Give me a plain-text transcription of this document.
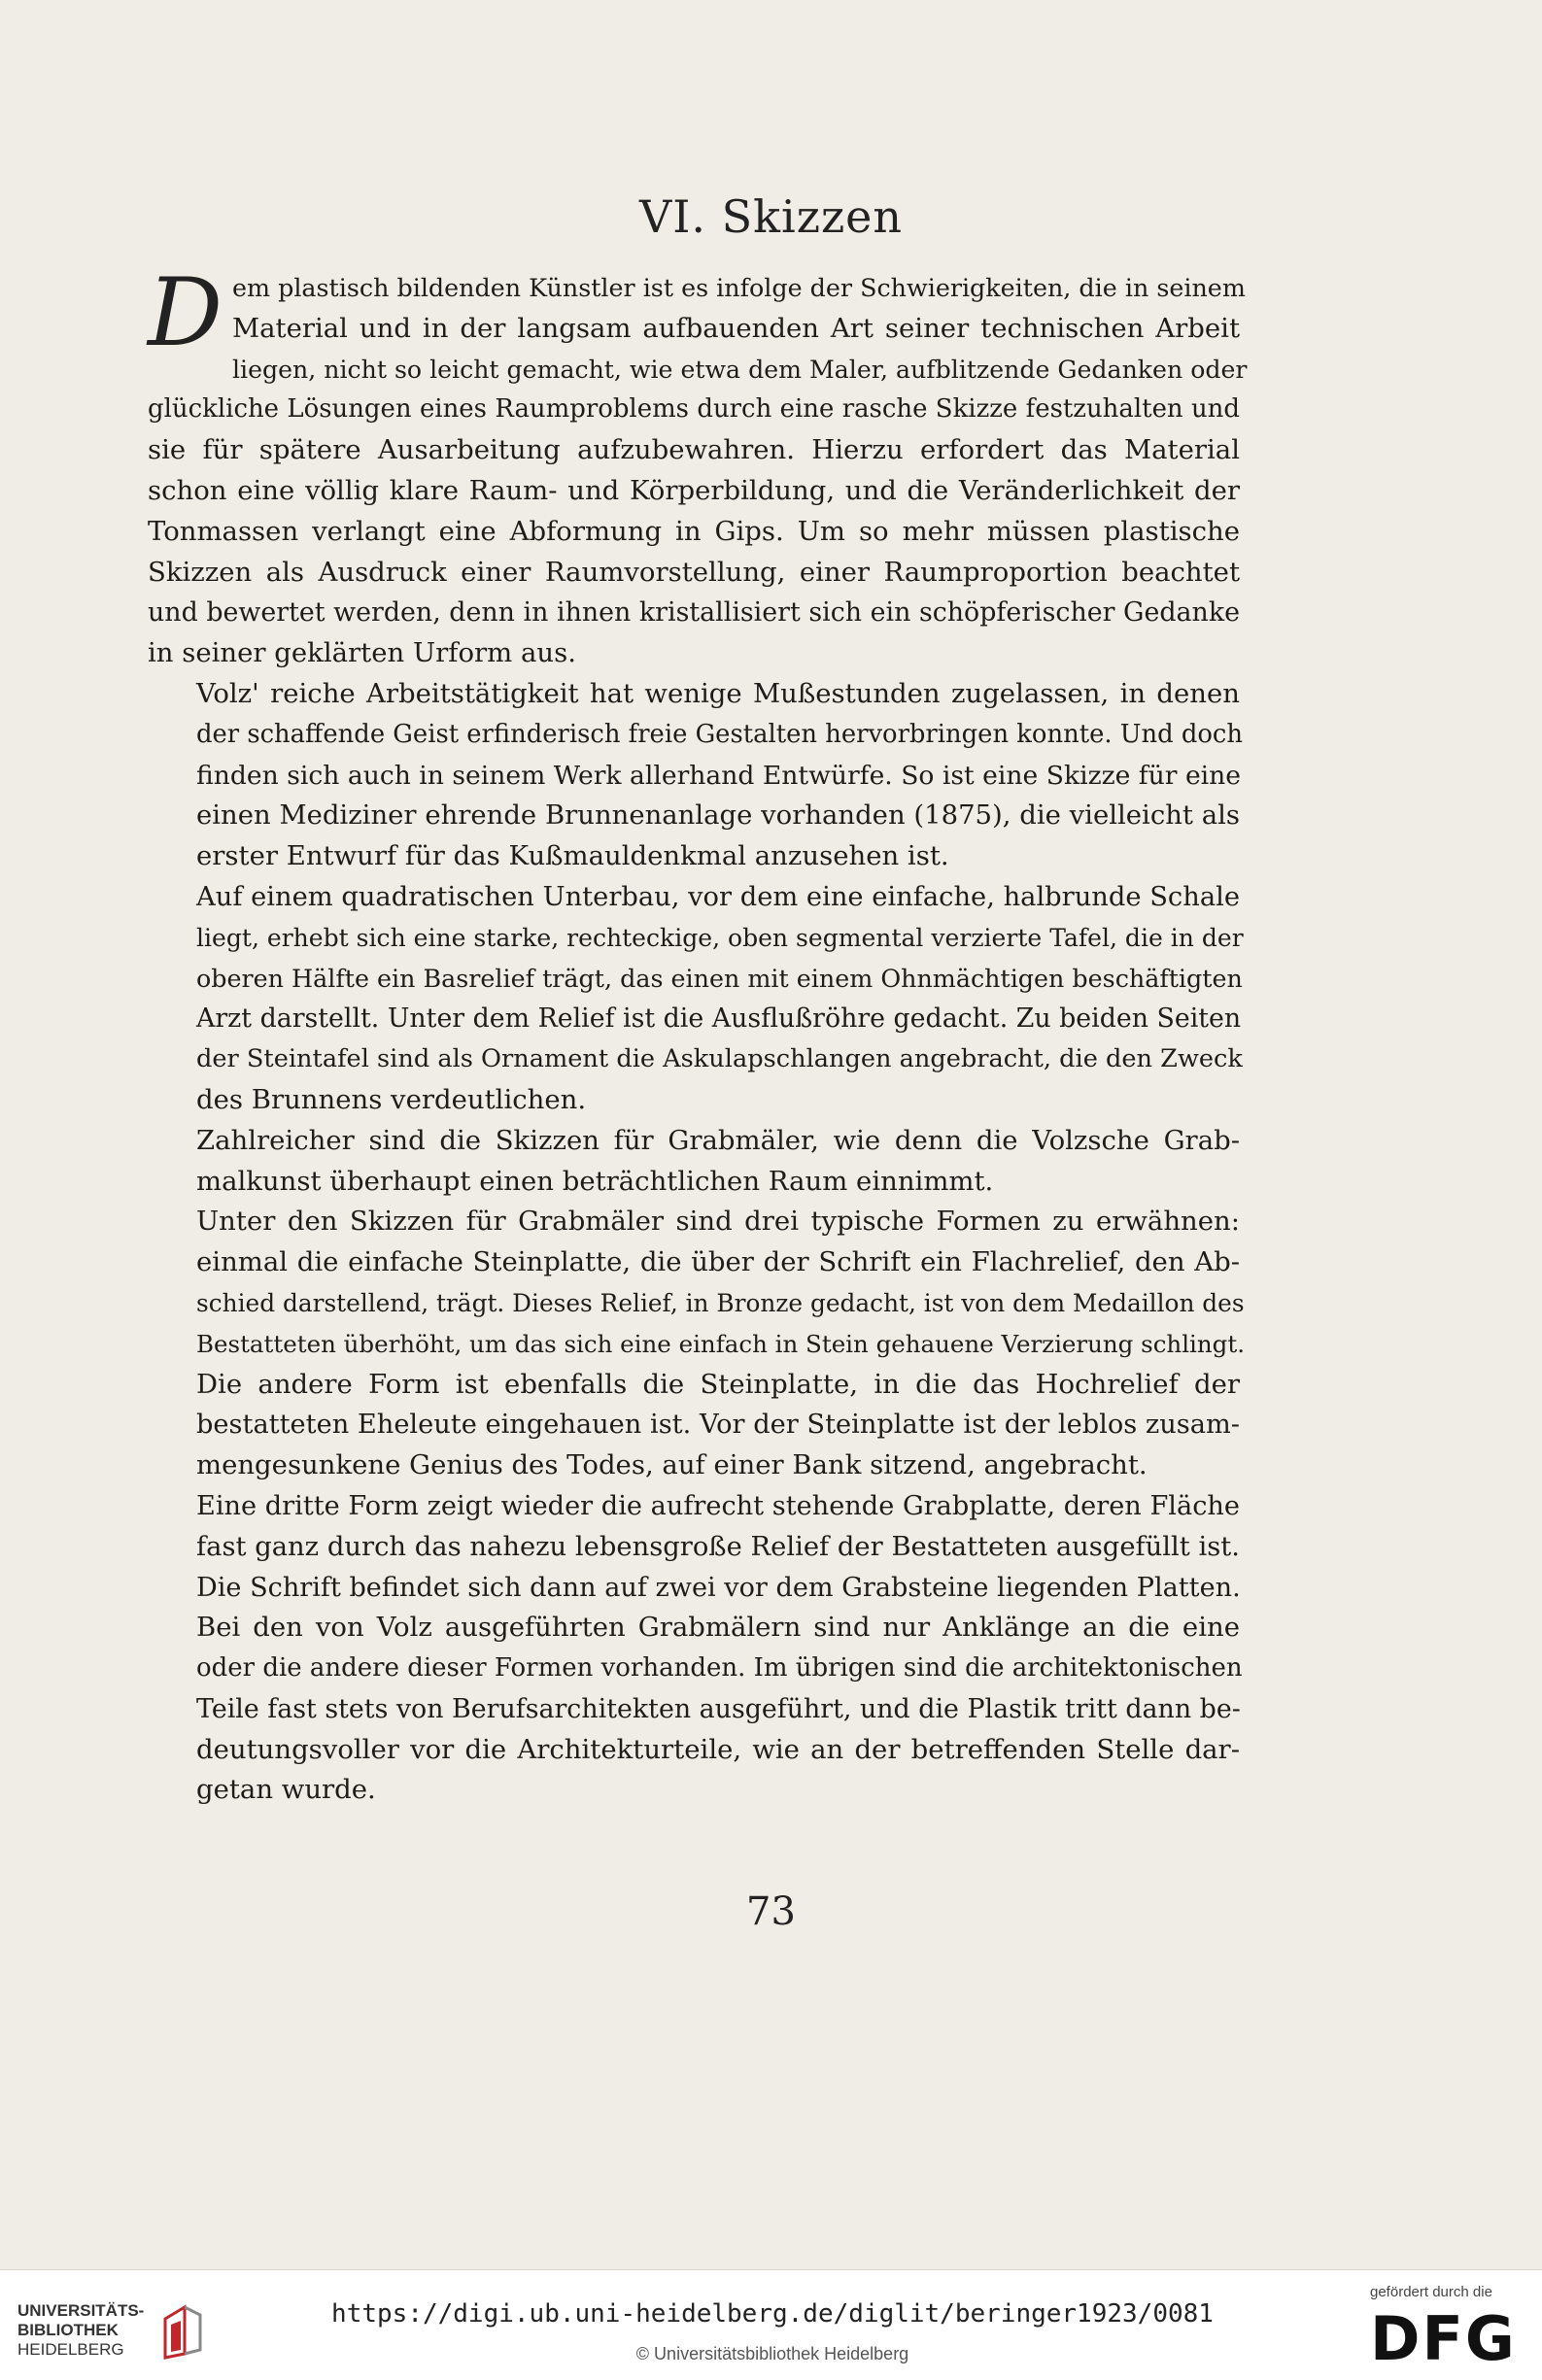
VI. Skizzen
D em plastisch bildenden Künstler ist es infolge der Schwierigkeiten, die in seinem
Material und in der langsam aufbauenden Art seiner technischen Arbeit
liegen, nicht so leicht gemacht, wie etwa dem Maler, aufblitzende Gedanken oder
glückliche Lösungen eines Raumproblems durch eine rasche Skizze festzuhalten und
sie für spätere Ausarbeitung aufzubewahren. Hierzu erfordert das Material
schon eine völlig klare Raum- und Körperbildung, und die Veränderlichkeit der
Tonmassen verlangt eine Abformung in Gips. Um so mehr müssen plastische
Skizzen als Ausdruck einer Raumvorstellung, einer Raumproportion beachtet
und bewertet werden, denn in ihnen kristallisiert sich ein schöpferischer Gedanke
in seiner geklärten Urform aus.
Volz' reiche Arbeitstätigkeit hat wenige Mußestunden zugelassen, in denen
der schaffende Geist erfinderisch freie Gestalten hervorbringen konnte. Und doch
finden sich auch in seinem Werk allerhand Entwürfe. So ist eine Skizze für eine
einen Mediziner ehrende Brunnenanlage vorhanden (1875), die vielleicht als
erster Entwurf für das Kußmauldenkmal anzusehen ist.
Auf einem quadratischen Unterbau, vor dem eine einfache, halbrunde Schale
liegt, erhebt sich eine starke, rechteckige, oben segmental verzierte Tafel, die in der
oberen Hälfte ein Basrelief trägt, das einen mit einem Ohnmächtigen beschäftigten
Arzt darstellt. Unter dem Relief ist die Ausflußröhre gedacht. Zu beiden Seiten
der Steintafel sind als Ornament die Askulapschlangen angebracht, die den Zweck
des Brunnens verdeutlichen.
Zahlreicher sind die Skizzen für Grabmäler, wie denn die Volzsche Grab-
malkunst überhaupt einen beträchtlichen Raum einnimmt.
Unter den Skizzen für Grabmäler sind drei typische Formen zu erwähnen:
einmal die einfache Steinplatte, die über der Schrift ein Flachrelief, den Ab-
schied darstellend, trägt. Dieses Relief, in Bronze gedacht, ist von dem Medaillon des
Bestatteten überhöht, um das sich eine einfach in Stein gehauene Verzierung schlingt.
Die andere Form ist ebenfalls die Steinplatte, in die das Hochrelief der
bestatteten Eheleute eingehauen ist. Vor der Steinplatte ist der leblos zusam-
mengesunkene Genius des Todes, auf einer Bank sitzend, angebracht.
Eine dritte Form zeigt wieder die aufrecht stehende Grabplatte, deren Fläche
fast ganz durch das nahezu lebensgroße Relief der Bestatteten ausgefüllt ist.
Die Schrift befindet sich dann auf zwei vor dem Grabsteine liegenden Platten.
Bei den von Volz ausgeführten Grabmälern sind nur Anklänge an die eine
oder die andere dieser Formen vorhanden. Im übrigen sind die architektonischen
Teile fast stets von Berufsarchitekten ausgeführt, und die Plastik tritt dann be-
deutungsvoller vor die Architekturteile, wie an der betreffenden Stelle dar-
getan wurde.
73
UNIVERSITÄTS-
BIBLIOTHEK
HEIDELBERG
https://digi.ub.uni-heidelberg.de/diglit/beringer1923/0081
© Universitätsbibliothek Heidelberg
gefördert durch die
DFG
